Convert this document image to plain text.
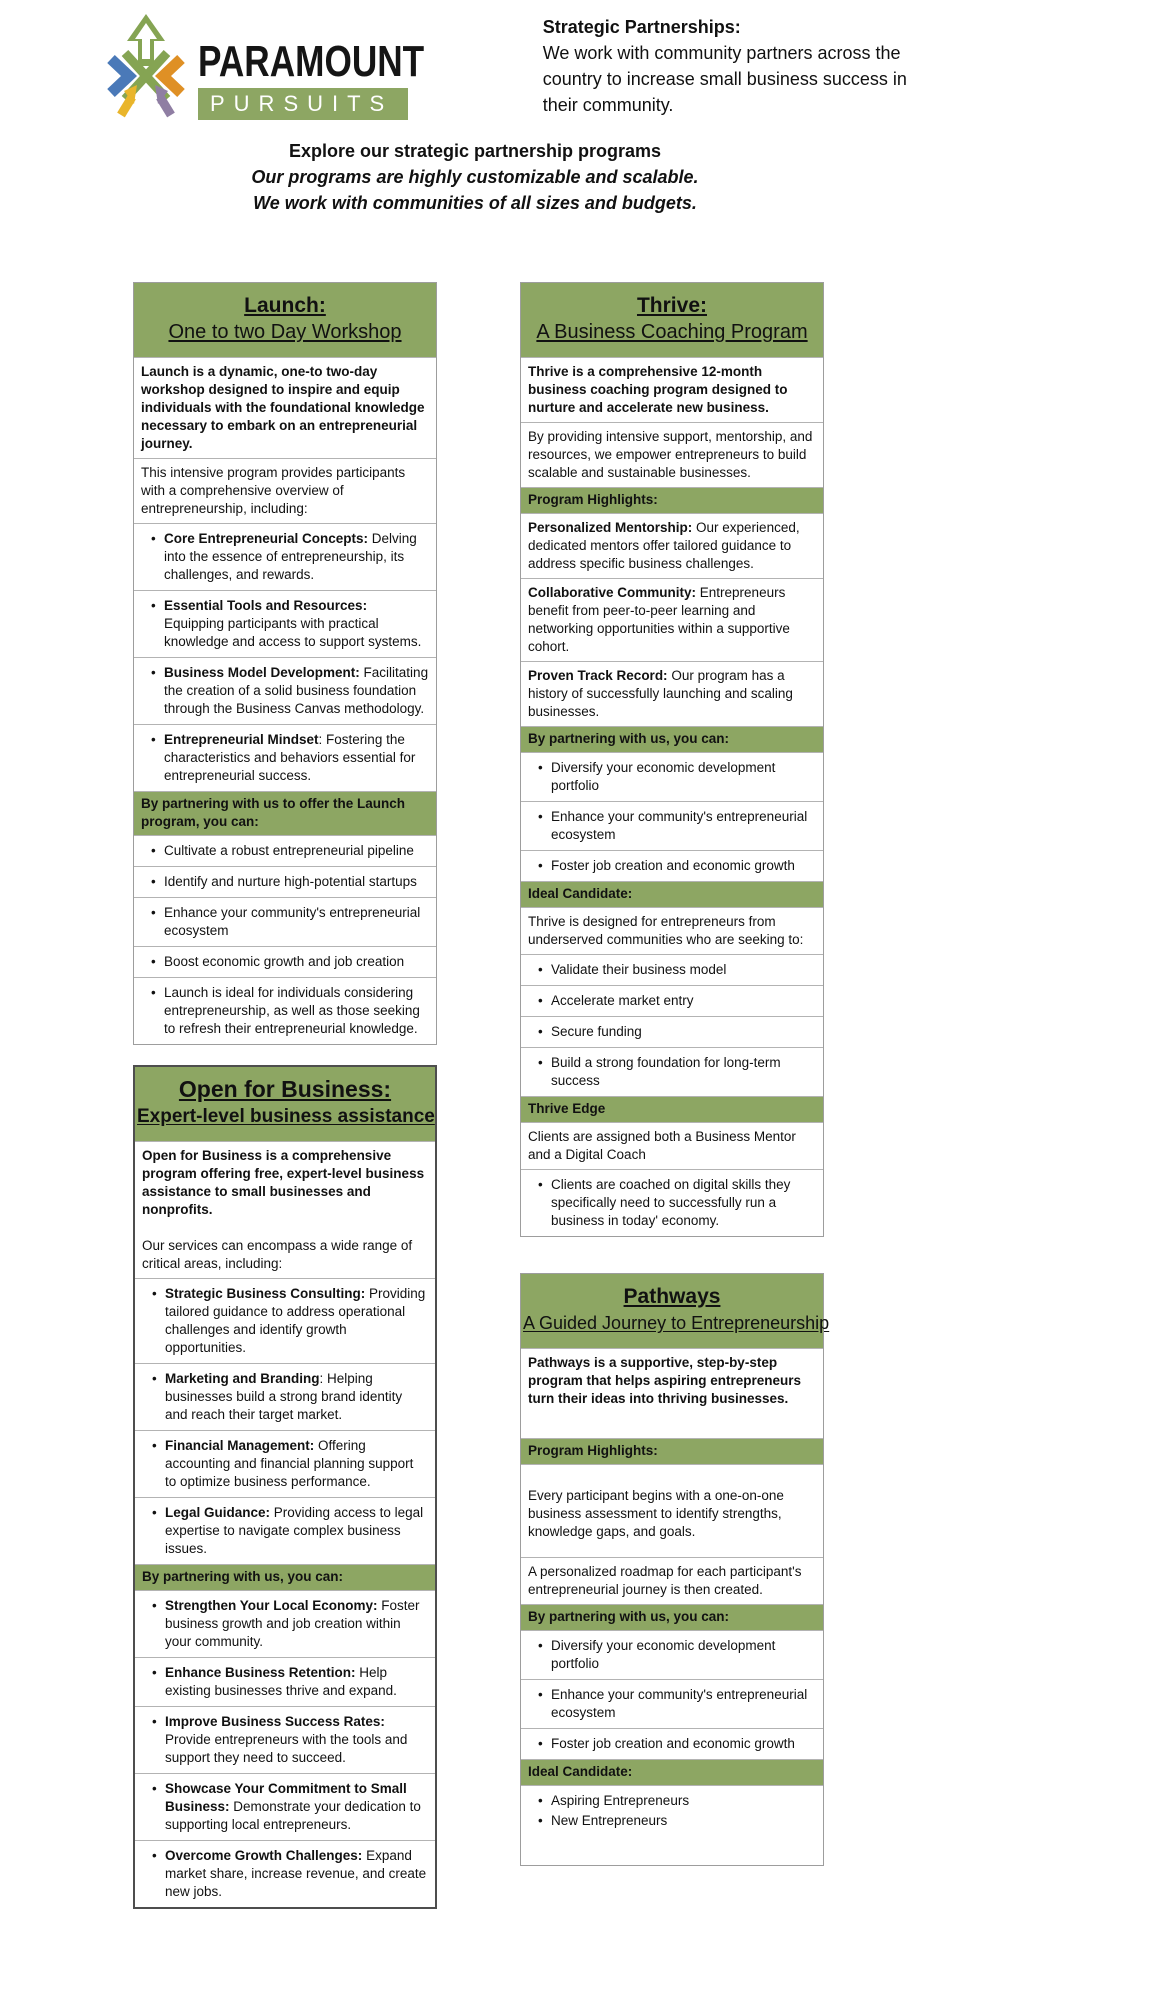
PARAMOUNT
PURSUITS
Strategic Partnerships:
We work with community partners across the country to increase small business success in their community.
Explore our strategic partnership programs
Our programs are highly customizable and scalable.
We work with communities of all sizes and budgets.
Launch:
One to two Day Workshop
Launch is a dynamic, one-to two-day workshop designed to inspire and equip individuals with the foundational knowledge necessary to embark on an entrepreneurial journey.
This intensive program provides participants with a comprehensive overview of entrepreneurship, including:
• Core Entrepreneurial Concepts: Delving into the essence of entrepreneurship, its challenges, and rewards.
• Essential Tools and Resources: Equipping participants with practical knowledge and access to support systems.
• Business Model Development: Facilitating the creation of a solid business foundation through the Business Canvas methodology.
• Entrepreneurial Mindset: Fostering the characteristics and behaviors essential for entrepreneurial success.
By partnering with us to offer the Launch program, you can:
• Cultivate a robust entrepreneurial pipeline
• Identify and nurture high-potential startups
• Enhance your community's entrepreneurial ecosystem
• Boost economic growth and job creation
• Launch is ideal for individuals considering entrepreneurship, as well as those seeking to refresh their entrepreneurial knowledge.
Open for Business:
Expert-level business assistance
Open for Business is a comprehensive program offering free, expert-level business assistance to small businesses and nonprofits.
Our services can encompass a wide range of critical areas, including:
• Strategic Business Consulting: Providing tailored guidance to address operational challenges and identify growth opportunities.
• Marketing and Branding: Helping businesses build a strong brand identity and reach their target market.
• Financial Management: Offering accounting and financial planning support to optimize business performance.
• Legal Guidance: Providing access to legal expertise to navigate complex business issues.
By partnering with us, you can:
• Strengthen Your Local Economy: Foster business growth and job creation within your community.
• Enhance Business Retention: Help existing businesses thrive and expand.
• Improve Business Success Rates: Provide entrepreneurs with the tools and support they need to succeed.
• Showcase Your Commitment to Small Business: Demonstrate your dedication to supporting local entrepreneurs.
• Overcome Growth Challenges: Expand market share, increase revenue, and create new jobs.
Thrive:
A Business Coaching Program
Thrive is a comprehensive 12-month business coaching program designed to nurture and accelerate new business.
By providing intensive support, mentorship, and resources, we empower entrepreneurs to build scalable and sustainable businesses.
Program Highlights:
Personalized Mentorship: Our experienced, dedicated mentors offer tailored guidance to address specific business challenges.
Collaborative Community: Entrepreneurs benefit from peer-to-peer learning and networking opportunities within a supportive cohort.
Proven Track Record: Our program has a history of successfully launching and scaling businesses.
By partnering with us, you can:
• Diversify your economic development portfolio
• Enhance your community's entrepreneurial ecosystem
• Foster job creation and economic growth
Ideal Candidate:
Thrive is designed for entrepreneurs from underserved communities who are seeking to:
• Validate their business model
• Accelerate market entry
• Secure funding
• Build a strong foundation for long-term success
Thrive Edge
Clients are assigned both a Business Mentor and a Digital Coach
• Clients are coached on digital skills they specifically need to successfully run a business in today' economy.
Pathways
A Guided Journey to Entrepreneurship
Pathways is a supportive, step-by-step program that helps aspiring entrepreneurs turn their ideas into thriving businesses.
Program Highlights:
Every participant begins with a one-on-one business assessment to identify strengths, knowledge gaps, and goals.
A personalized roadmap for each participant's entrepreneurial journey is then created.
By partnering with us, you can:
• Diversify your economic development portfolio
• Enhance your community's entrepreneurial ecosystem
• Foster job creation and economic growth
Ideal Candidate:
• Aspiring Entrepreneurs
• New Entrepreneurs
